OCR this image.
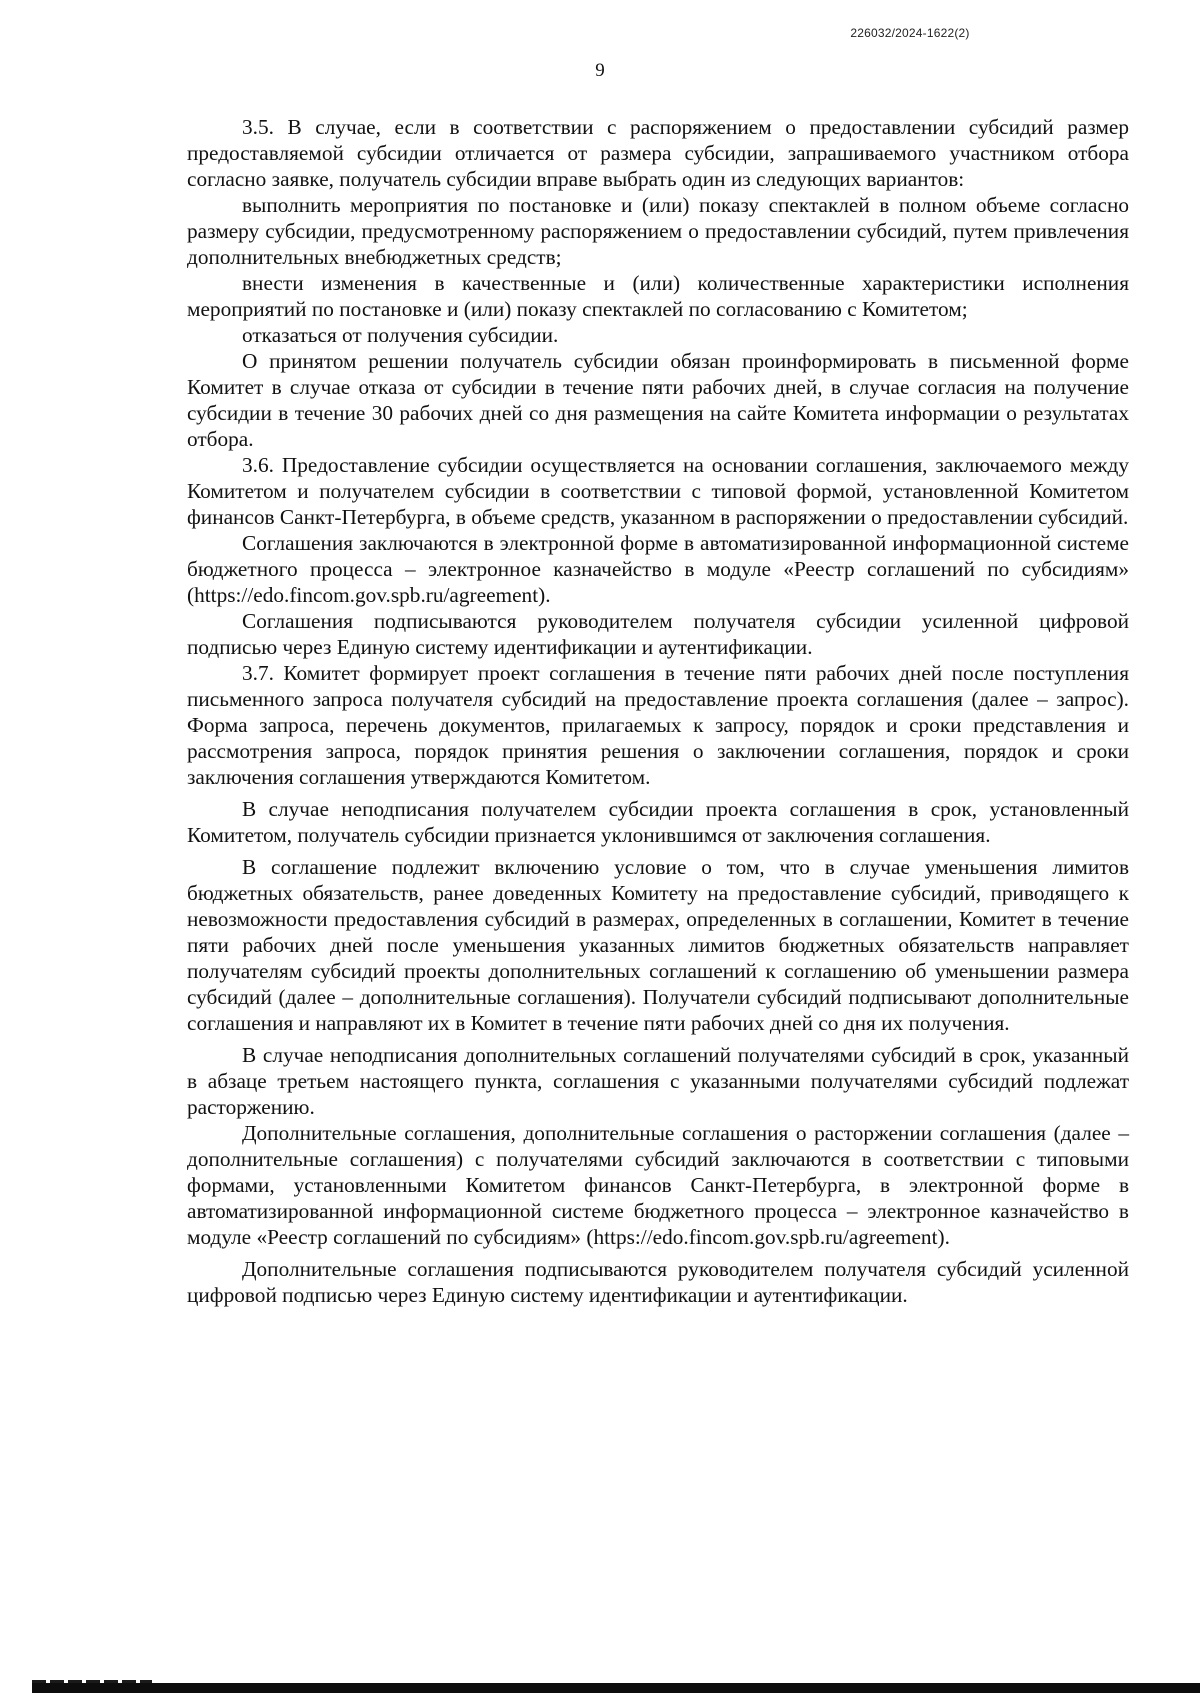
226032/2024-1622(2)
9

3.5. В случае, если в соответствии с распоряжением о предоставлении субсидий размер предоставляемой субсидии отличается от размера субсидии, запрашиваемого участником отбора согласно заявке, получатель субсидии вправе выбрать один из следующих вариантов:

выполнить мероприятия по постановке и (или) показу спектаклей в полном объеме согласно размеру субсидии, предусмотренному распоряжением о предоставлении субсидий, путем привлечения дополнительных внебюджетных средств;

внести изменения в качественные и (или) количественные характеристики исполнения мероприятий по постановке и (или) показу спектаклей по согласованию с Комитетом;

отказаться от получения субсидии.

О принятом решении получатель субсидии обязан проинформировать в письменной форме Комитет в случае отказа от субсидии в течение пяти рабочих дней, в случае согласия на получение субсидии в течение 30 рабочих дней со дня размещения на сайте Комитета информации о результатах отбора.

3.6. Предоставление субсидии осуществляется на основании соглашения, заключаемого между Комитетом и получателем субсидии в соответствии с типовой формой, установленной Комитетом финансов Санкт-Петербурга, в объеме средств, указанном в распоряжении о предоставлении субсидий.

Соглашения заключаются в электронной форме в автоматизированной информационной системе бюджетного процесса – электронное казначейство в модуле «Реестр соглашений по субсидиям» (https://edo.fincom.gov.spb.ru/agreement).

Соглашения подписываются руководителем получателя субсидии усиленной цифровой подписью через Единую систему идентификации и аутентификации.

3.7. Комитет формирует проект соглашения в течение пяти рабочих дней после поступления письменного запроса получателя субсидий на предоставление проекта соглашения (далее – запрос). Форма запроса, перечень документов, прилагаемых к запросу, порядок и сроки представления и рассмотрения запроса, порядок принятия решения о заключении соглашения, порядок и сроки заключения соглашения утверждаются Комитетом.

В случае неподписания получателем субсидии проекта соглашения в срок, установленный Комитетом, получатель субсидии признается уклонившимся от заключения соглашения.

В соглашение подлежит включению условие о том, что в случае уменьшения лимитов бюджетных обязательств, ранее доведенных Комитету на предоставление субсидий, приводящего к невозможности предоставления субсидий в размерах, определенных в соглашении, Комитет в течение пяти рабочих дней после уменьшения указанных лимитов бюджетных обязательств направляет получателям субсидий проекты дополнительных соглашений к соглашению об уменьшении размера субсидий (далее – дополнительные соглашения). Получатели субсидий подписывают дополнительные соглашения и направляют их в Комитет в течение пяти рабочих дней со дня их получения.

В случае неподписания дополнительных соглашений получателями субсидий в срок, указанный в абзаце третьем настоящего пункта, соглашения с указанными получателями субсидий подлежат расторжению.

Дополнительные соглашения, дополнительные соглашения о расторжении соглашения (далее – дополнительные соглашения) с получателями субсидий заключаются в соответствии с типовыми формами, установленными Комитетом финансов Санкт-Петербурга, в электронной форме в автоматизированной информационной системе бюджетного процесса – электронное казначейство в модуле «Реестр соглашений по субсидиям» (https://edo.fincom.gov.spb.ru/agreement).

Дополнительные соглашения подписываются руководителем получателя субсидий усиленной цифровой подписью через Единую систему идентификации и аутентификации.
